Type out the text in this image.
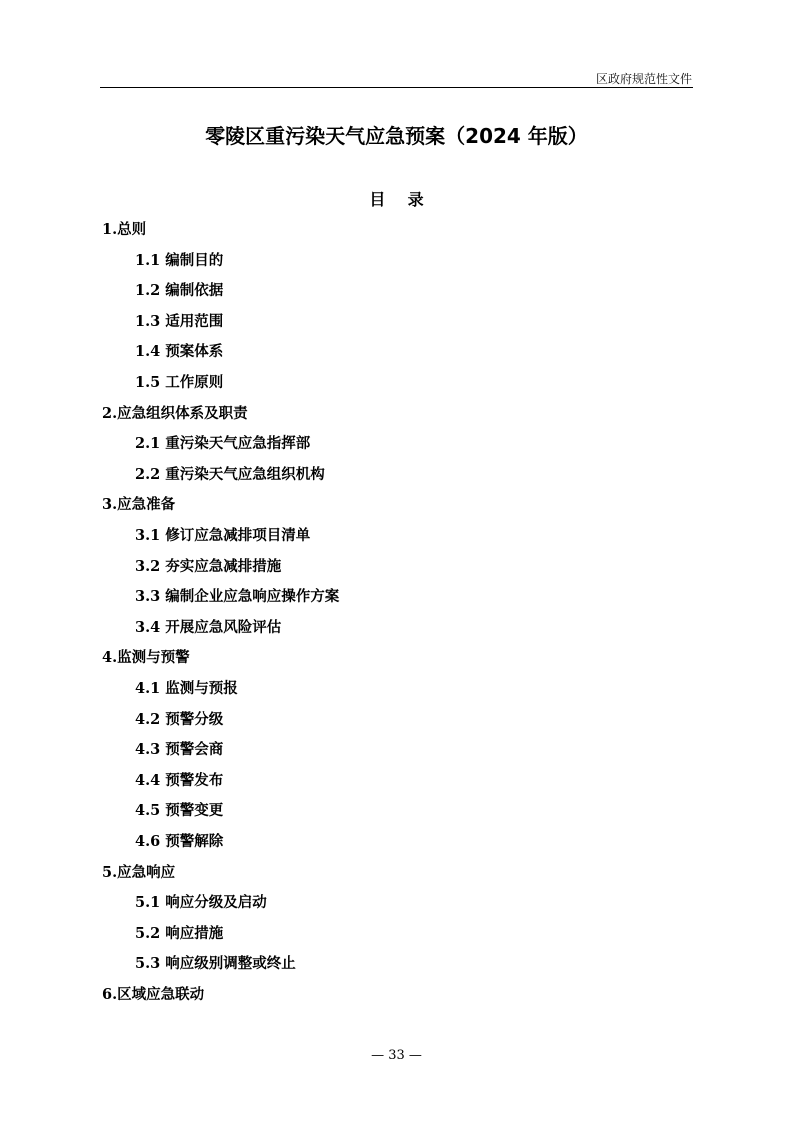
区政府规范性文件
零陵区重污染天气应急预案（2024 年版）
目 录
1.总则
1.1 编制目的
1.2 编制依据
1.3 适用范围
1.4 预案体系
1.5 工作原则
2.应急组织体系及职责
2.1 重污染天气应急指挥部
2.2 重污染天气应急组织机构
3.应急准备
3.1 修订应急减排项目清单
3.2 夯实应急减排措施
3.3 编制企业应急响应操作方案
3.4 开展应急风险评估
4.监测与预警
4.1 监测与预报
4.2 预警分级
4.3 预警会商
4.4 预警发布
4.5 预警变更
4.6 预警解除
5.应急响应
5.1 响应分级及启动
5.2 响应措施
5.3 响应级别调整或终止
6.区域应急联动
— 33 —
